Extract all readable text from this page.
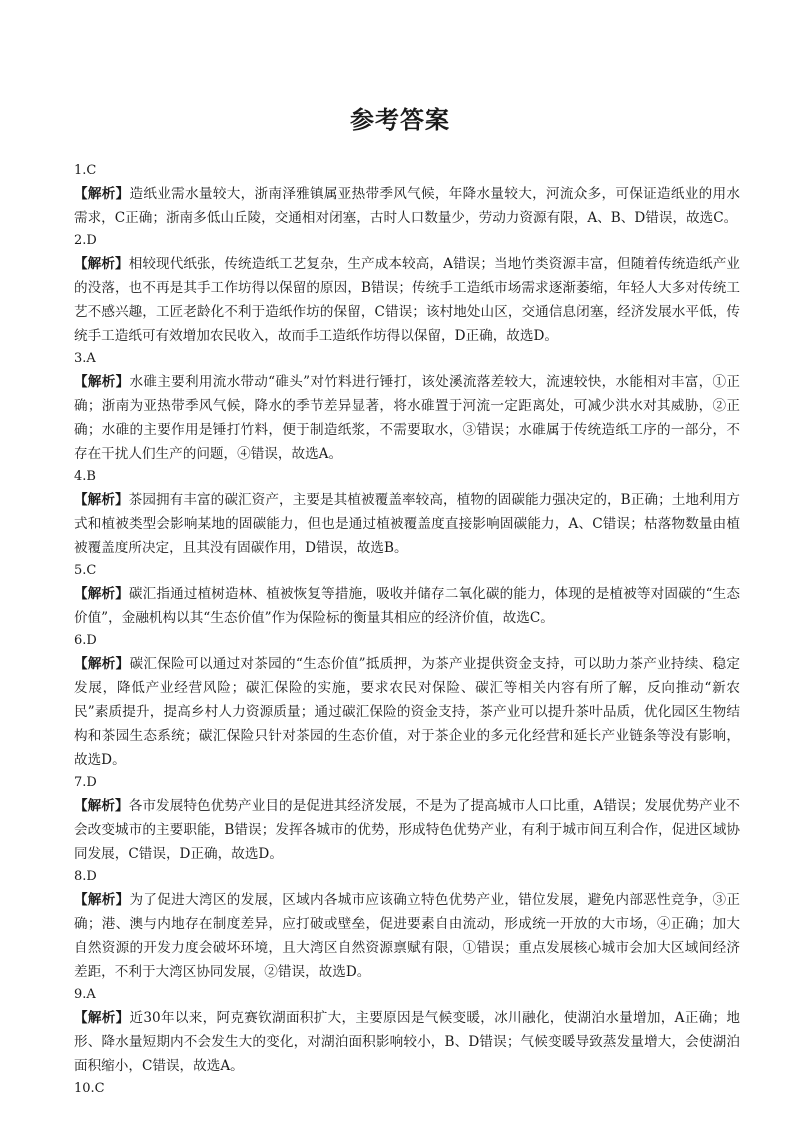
参考答案
1.C
【解析】造纸业需水量较大，浙南泽雅镇属亚热带季风气候，年降水量较大，河流众多，可保证造纸业的用水需求，C正确；浙南多低山丘陵，交通相对闭塞，古时人口数量少，劳动力资源有限，A、B、D错误，故选C。
2.D
【解析】相较现代纸张，传统造纸工艺复杂，生产成本较高，A错误；当地竹类资源丰富，但随着传统造纸产业的没落，也不再是其手工作坊得以保留的原因，B错误；传统手工造纸市场需求逐渐萎缩，年轻人大多对传统工艺不感兴趣，工匠老龄化不利于造纸作坊的保留，C错误；该村地处山区，交通信息闭塞，经济发展水平低，传统手工造纸可有效增加农民收入，故而手工造纸作坊得以保留，D正确，故选D。
3.A
【解析】水碓主要利用流水带动“碓头”对竹料进行锤打，该处溪流落差较大，流速较快，水能相对丰富，①正确；浙南为亚热带季风气候，降水的季节差异显著，将水碓置于河流一定距离处，可减少洪水对其威胁，②正确；水碓的主要作用是锤打竹料，便于制造纸浆，不需要取水，③错误；水碓属于传统造纸工序的一部分，不存在干扰人们生产的问题，④错误，故选A。
4.B
【解析】茶园拥有丰富的碳汇资产，主要是其植被覆盖率较高，植物的固碳能力强决定的，B正确；土地利用方式和植被类型会影响某地的固碳能力，但也是通过植被覆盖度直接影响固碳能力，A、C错误；枯落物数量由植被覆盖度所决定，且其没有固碳作用，D错误，故选B。
5.C
【解析】碳汇指通过植树造林、植被恢复等措施，吸收并储存二氧化碳的能力，体现的是植被等对固碳的“生态价值”，金融机构以其“生态价值”作为保险标的衡量其相应的经济价值，故选C。
6.D
【解析】碳汇保险可以通过对茶园的“生态价值”抵质押，为茶产业提供资金支持，可以助力茶产业持续、稳定发展，降低产业经营风险；碳汇保险的实施，要求农民对保险、碳汇等相关内容有所了解，反向推动“新农民”素质提升，提高乡村人力资源质量；通过碳汇保险的资金支持，茶产业可以提升茶叶品质，优化园区生物结构和茶园生态系统；碳汇保险只针对茶园的生态价值，对于茶企业的多元化经营和延长产业链条等没有影响，故选D。
7.D
【解析】各市发展特色优势产业目的是促进其经济发展，不是为了提高城市人口比重，A错误；发展优势产业不会改变城市的主要职能，B错误；发挥各城市的优势，形成特色优势产业，有利于城市间互利合作，促进区域协同发展，C错误，D正确，故选D。
8.D
【解析】为了促进大湾区的发展，区域内各城市应该确立特色优势产业，错位发展，避免内部恶性竞争，③正确；港、澳与内地存在制度差异，应打破或壁垒，促进要素自由流动，形成统一开放的大市场，④正确；加大自然资源的开发力度会破坏环境，且大湾区自然资源禀赋有限，①错误；重点发展核心城市会加大区域间经济差距，不利于大湾区协同发展，②错误，故选D。
9.A
【解析】近30年以来，阿克赛钦湖面积扩大，主要原因是气候变暖，冰川融化，使湖泊水量增加，A正确；地形、降水量短期内不会发生大的变化，对湖泊面积影响较小，B、D错误；气候变暖导致蒸发量增大，会使湖泊面积缩小，C错误，故选A。
10.C
